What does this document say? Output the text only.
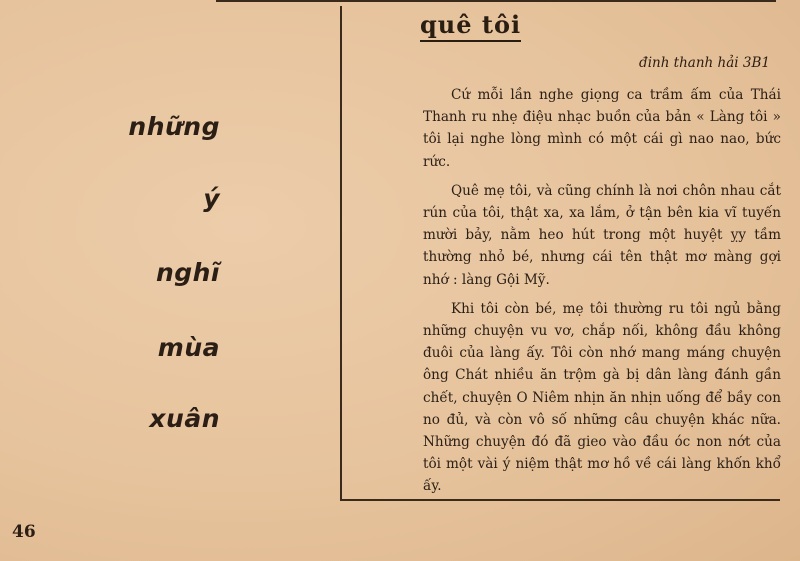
những
ý
nghĩ
mùa
xuân
quê tôi
đinh thanh hải 3B1

Cứ mỗi lần nghe giọng ca trầm ấm của Thái Thanh ru nhẹ điệu nhạc buồn của bản « Làng tôi » tôi lại nghe lòng mình có một cái gì nao nao, bức rức.

Quê mẹ tôi, và cũng chính là nơi chôn nhau cắt rún của tôi, thật xa, xa lắm, ở tận bên kia vĩ tuyến mười bảy, nằm heo hút trong một huyệt ỵy tầm thường nhỏ bé, nhưng cái tên thật mơ màng gợi nhớ : làng Gội Mỹ.

Khi tôi còn bé, mẹ tôi thường ru tôi ngủ bằng những chuyện vu vơ, chắp nối, không đầu không đuôi của làng ấy. Tôi còn nhớ mang máng chuyện ông Chát nhiều ăn trộm gà bị dân làng đánh gần chết, chuyện O Niêm nhịn ăn nhịn uống để bầy con no đủ, và còn vô số những câu chuyện khác nữa. Những chuyện đó đã gieo vào đầu óc non nớt của tôi một vài ý niệm thật mơ hồ về cái làng khốn khổ ấy.

46
